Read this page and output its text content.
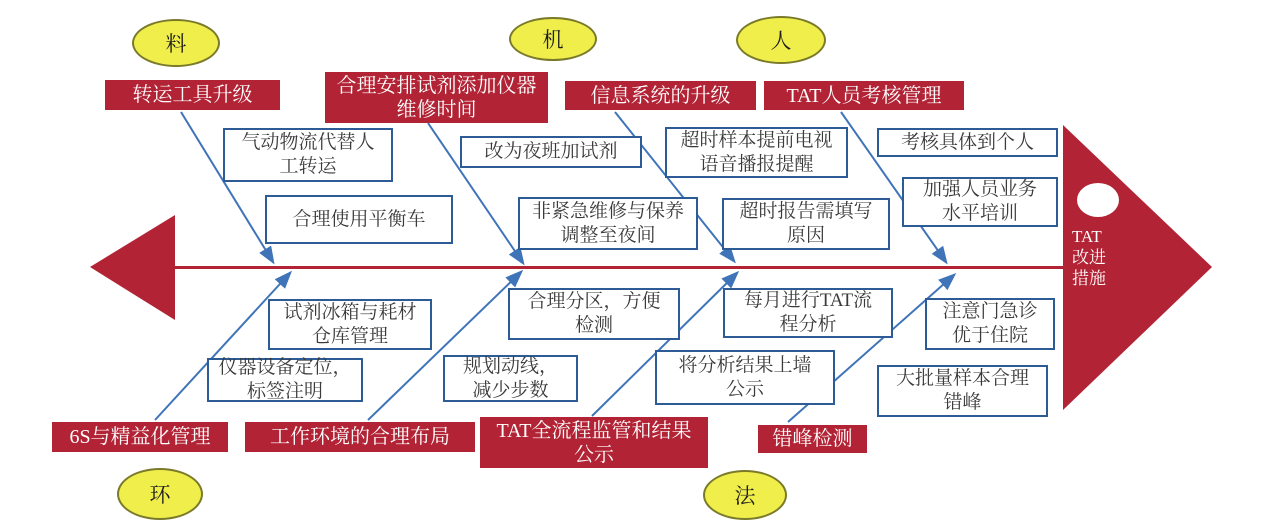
料	机	人
环	法
转运工具升级	合理安排试剂添加仪器
维修时间
信息系统的升级	TAT人员考核管理
6S与精益化管理	工作环境的合理布局 TAT全流程监管和结果
公示
错峰检测
气动物流代替人
工转运
合理使用平衡车
改为夜班加试剂
非紧急维修与保养
调整至夜间
超时样本提前电视
语音播报提醒
超时报告需填写
原因
考核具体到个人
加强人员业务
水平培训
试剂冰箱与耗材
仓库管理
仪器设备定位，
标签注明
合理分区，方便
检测
规划动线，
减少步数
每月进行TAT流
程分析
将分析结果上墙
公示
注意门急诊
优于住院
大批量样本合理
错峰
TAT
改进
措施
